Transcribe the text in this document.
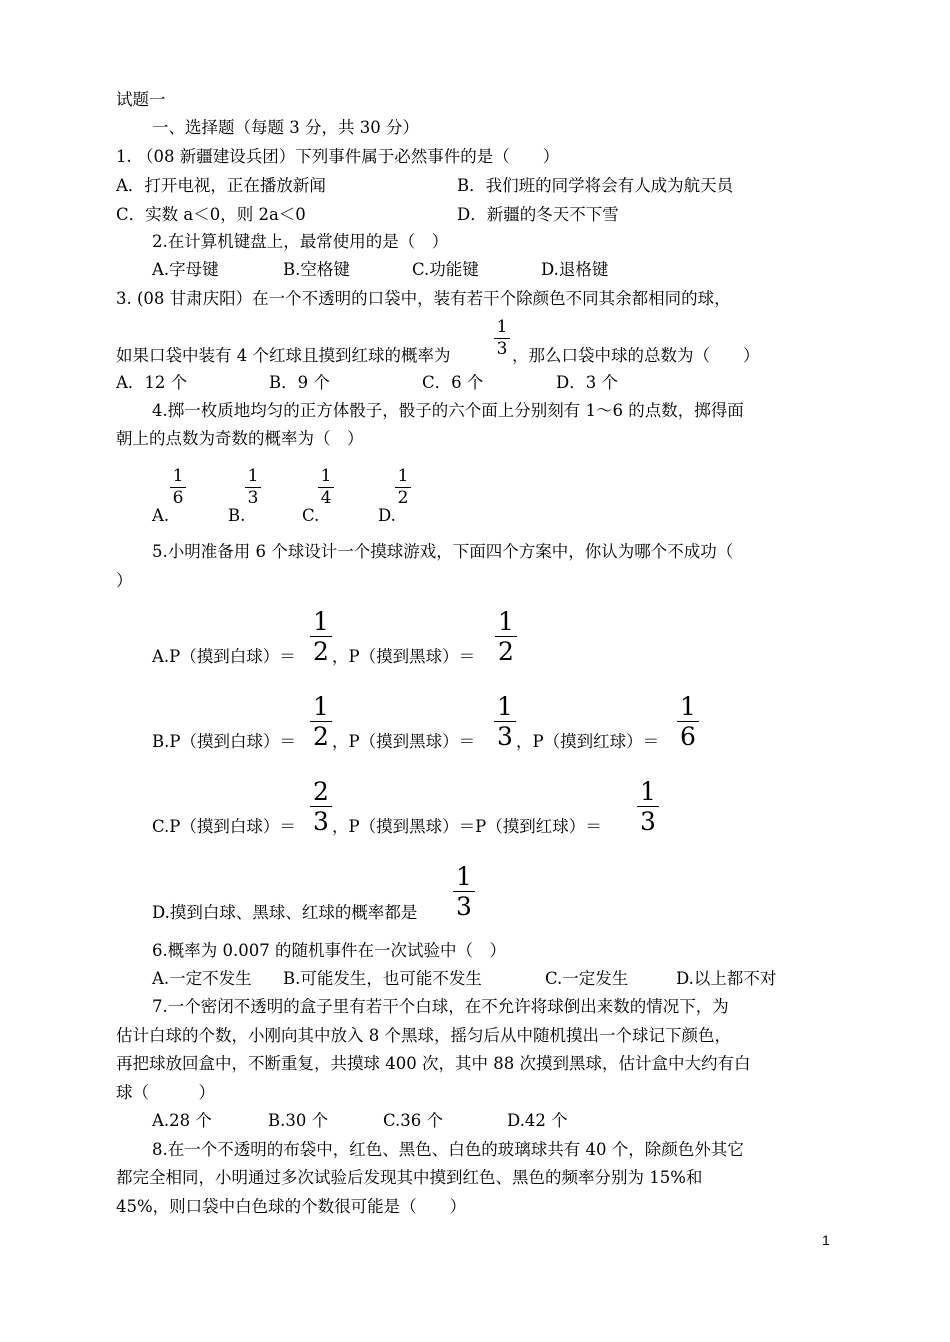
试题一
一、选择题（每题 3 分，共 30 分）
1. （08 新疆建设兵团）下列事件属于必然事件的是（　　）
A．打开电视，正在播放新闻	B．我们班的同学将会有人成为航天员
C．实数 a＜0，则 2a＜0	D．新疆的冬天不下雪
2.在计算机键盘上，最常使用的是（　）
A.字母键	B.空格键	C.功能键	D.退格键
3. (08 甘肃庆阳）在一个不透明的口袋中，装有若干个除颜色不同其余都相同的球，
如果口袋中装有 4 个红球且摸到红球的概率为
1
3 ，那么口袋中球的总数为（　　）
A．12 个	B．9 个	C．6 个	D．3 个
4.掷一枚质地均匀的正方体骰子，骰子的六个面上分别刻有 1～6 的点数，掷得面
朝上的点数为奇数的概率为（　）
A.
1
6
B.
1
3
C.
1
4
D.
1
2
5.小明准备用 6 个球设计一个摸球游戏，下面四个方案中，你认为哪个不成功（
）
A.P（摸到白球）＝
1
2 ，P（摸到黑球）＝
1
2
B.P（摸到白球）＝
1
2 ，P（摸到黑球）＝
1
3 ，P（摸到红球）＝
1
6
C.P（摸到白球）＝
2
3 ，P（摸到黑球）＝P（摸到红球）＝
1
3
D.摸到白球、黑球、红球的概率都是
1
3
6.概率为 0.007 的随机事件在一次试验中（　）
A.一定不发生 B.可能发生，也可能不发生	C.一定发生	D.以上都不对
7.一个密闭不透明的盒子里有若干个白球，在不允许将球倒出来数的情况下，为
估计白球的个数，小刚向其中放入 8 个黑球，摇匀后从中随机摸出一个球记下颜色，
再把球放回盒中，不断重复，共摸球 400 次，其中 88 次摸到黑球，估计盒中大约有白
球（　　　）
A.28 个	B.30 个	C.36 个	D.42 个
8.在一个不透明的布袋中，红色、黑色、白色的玻璃球共有 40 个，除颜色外其它
都完全相同，小明通过多次试验后发现其中摸到红色、黑色的频率分别为 15%和
45%，则口袋中白色球的个数很可能是（　　）
1
